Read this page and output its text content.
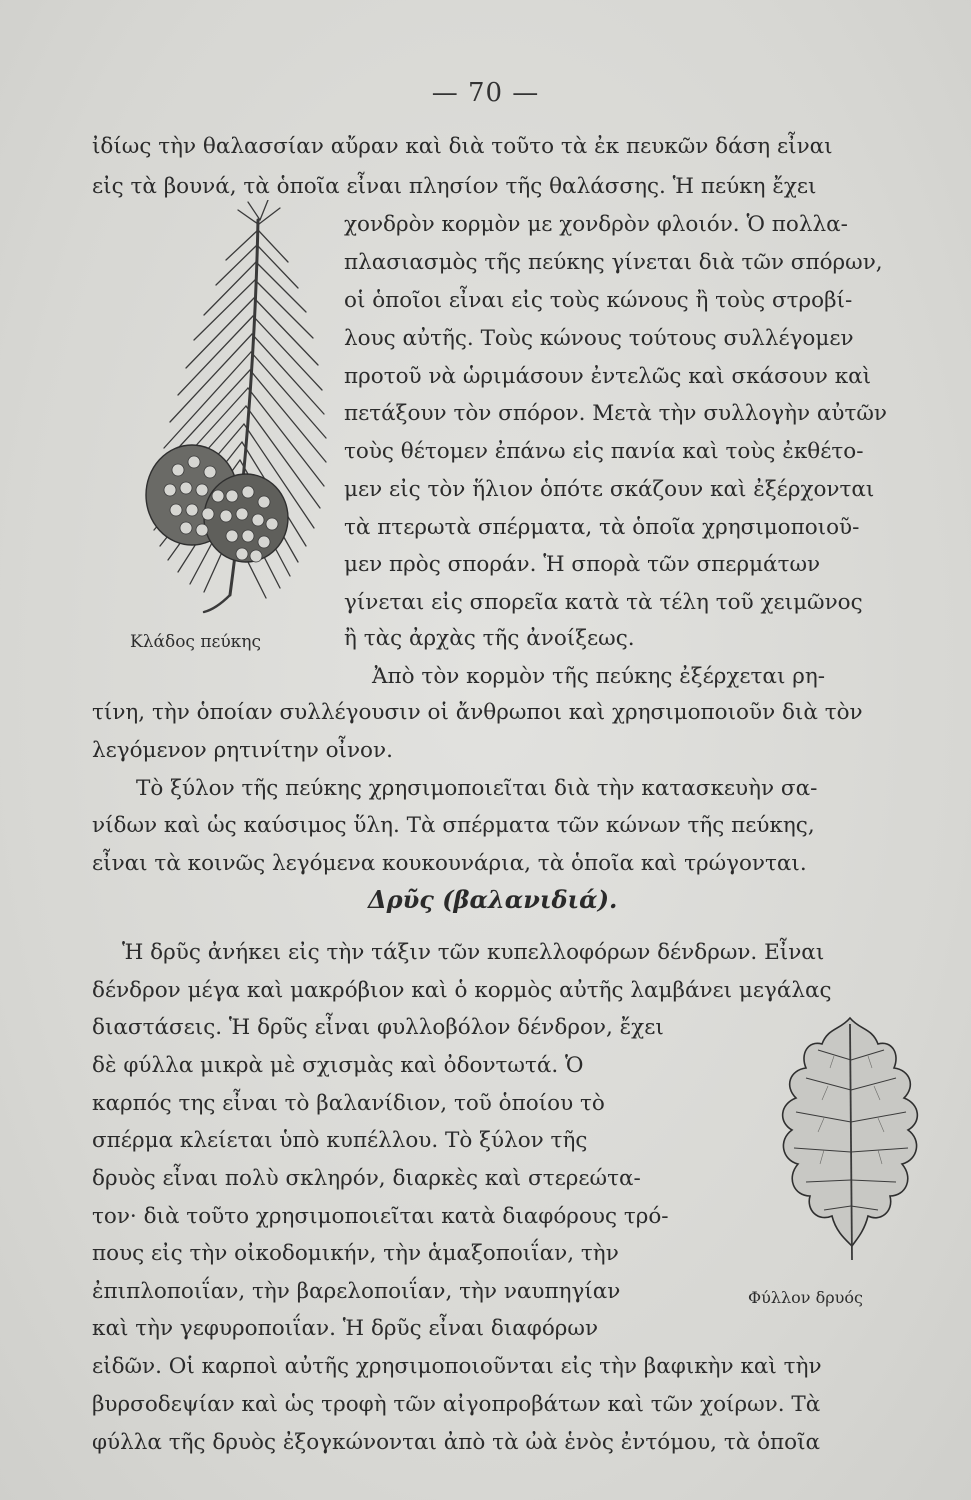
— 70 —
ἰδίως τὴν θαλασσίαν αὔραν καὶ διὰ τοῦτο τὰ ἐκ πευκῶν δάση εἶναι
εἰς τὰ βουνά, τὰ ὁποῖα εἶναι πλησίον τῆς θαλάσσης. Ἡ πεύκη ἔχει
χονδρὸν κορμὸν με χονδρὸν φλοιόν. Ὁ πολλα-
πλασιασμὸς τῆς πεύκης γίνεται διὰ τῶν σπόρων,
οἱ ὁποῖοι εἶναι εἰς τοὺς κώνους ἢ τοὺς στροβί-
λους αὐτῆς. Τοὺς κώνους τούτους συλλέγομεν
προτοῦ νὰ ὡριμάσουν ἐντελῶς καὶ σκάσουν καὶ
πετάξουν τὸν σπόρον. Μετὰ τὴν συλλογὴν αὐτῶν
τοὺς θέτομεν ἐπάνω εἰς πανία καὶ τοὺς ἐκθέτο-
μεν εἰς τὸν ἥλιον ὁπότε σκάζουν καὶ ἐξέρχονται
τὰ πτερωτὰ σπέρματα, τὰ ὁποῖα χρησιμοποιοῦ-
μεν πρὸς σποράν. Ἡ σπορὰ τῶν σπερμάτων
γίνεται εἰς σπορεῖα κατὰ τὰ τέλη τοῦ χειμῶνος
ἢ τὰς ἀρχὰς τῆς ἀνοίξεως.
Ἀπὸ τὸν κορμὸν τῆς πεύκης ἐξέρχεται ρη-
τίνη, τὴν ὁποίαν συλλέγουσιν οἱ ἄνθρωποι καὶ χρησιμοποιοῦν διὰ τὸν
λεγόμενον ρητινίτην οἶνον.
Τὸ ξύλον τῆς πεύκης χρησιμοποιεῖται διὰ τὴν κατασκευὴν σα-
νίδων καὶ ὡς καύσιμος ὕλη. Τὰ σπέρματα τῶν κώνων τῆς πεύκης,
εἶναι τὰ κοινῶς λεγόμενα κουκουνάρια, τὰ ὁποῖα καὶ τρώγονται.
Κλάδος πεύκης
Δρῦς (βαλανιδιά).
Ἡ δρῦς ἀνήκει εἰς τὴν τάξιν τῶν κυπελλοφόρων δένδρων. Εἶναι
δένδρον μέγα καὶ μακρόβιον καὶ ὁ κορμὸς αὐτῆς λαμβάνει μεγάλας
διαστάσεις. Ἡ δρῦς εἶναι φυλλοβόλον δένδρον, ἔχει
δὲ φύλλα μικρὰ μὲ σχισμὰς καὶ ὀδοντωτά. Ὁ
καρπός της εἶναι τὸ βαλανίδιον, τοῦ ὁποίου τὸ
σπέρμα κλείεται ὑπὸ κυπέλλου. Τὸ ξύλον τῆς
δρυὸς εἶναι πολὺ σκληρόν, διαρκὲς καὶ στερεώτα-
τον· διὰ τοῦτο χρησιμοποιεῖται κατὰ διαφόρους τρό-
πους εἰς τὴν οἰκοδομικήν, τὴν ἁμαξοποιΐαν, τὴν
ἐπιπλοποιΐαν, τὴν βαρελοποιΐαν, τὴν ναυπηγίαν
καὶ τὴν γεφυροποιΐαν. Ἡ δρῦς εἶναι διαφόρων
εἰδῶν. Οἱ καρποὶ αὐτῆς χρησιμοποιοῦνται εἰς τὴν βαφικὴν καὶ τὴν
βυρσοδεψίαν καὶ ὡς τροφὴ τῶν αἰγοπροβάτων καὶ τῶν χοίρων. Τὰ
φύλλα τῆς δρυὸς ἐξογκώνονται ἀπὸ τὰ ὠὰ ἑνὸς ἐντόμου, τὰ ὁποῖα
Φύλλον δρυός
